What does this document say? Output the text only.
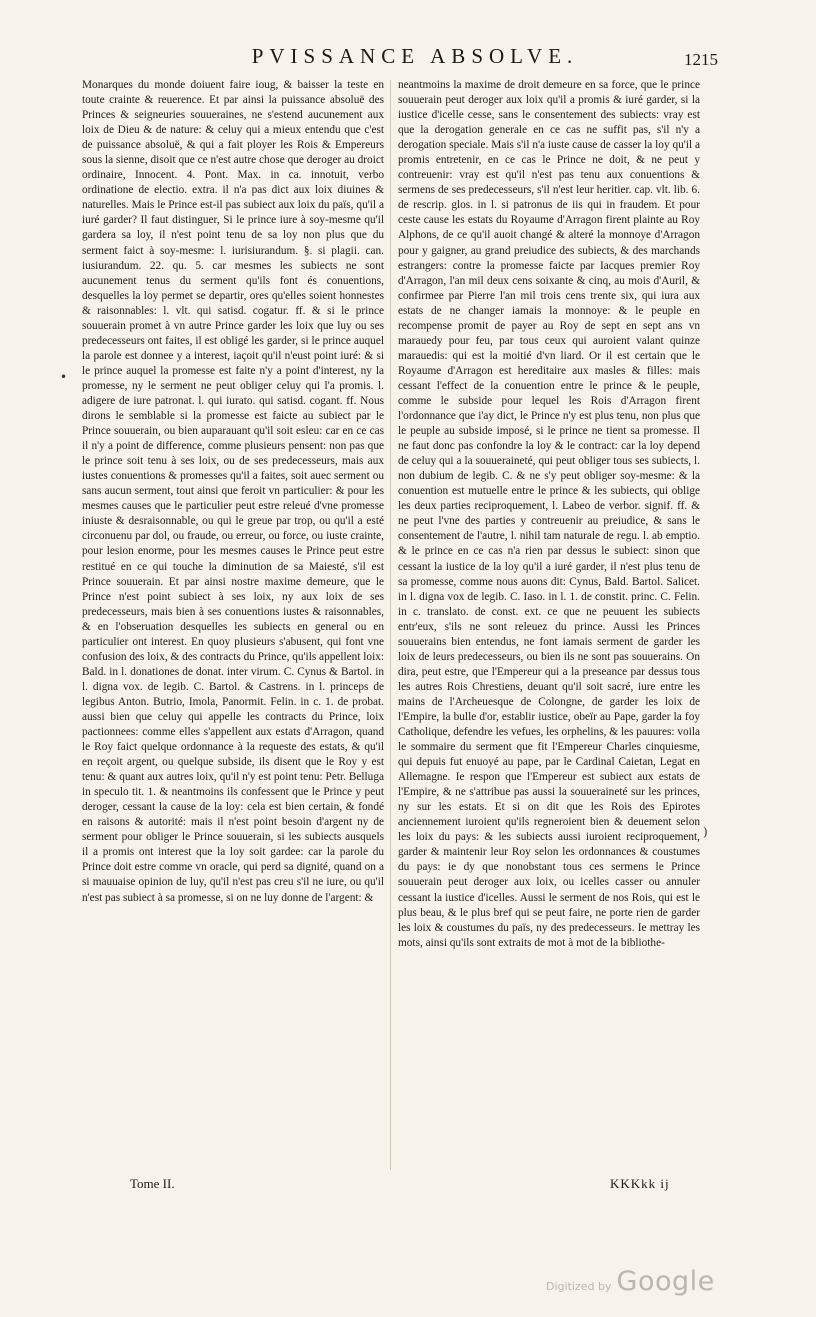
PVISSANCE ABSOLVE.	1215

Monarques du monde doiuent faire ioug, & baisser la teste en toute crainte & reuerence. Et par ainsi la puissance absoluë des Princes & seigneuries souueraines, ne s'estend aucunement aux loix de Dieu & de nature: & celuy qui a mieux entendu que c'est de puissance absoluë, & qui a fait ployer les Rois & Empereurs sous la sienne, disoit que ce n'est autre chose que deroger au droict ordinaire, Innocent. 4. Pont. Max. in ca. innotuit, verbo ordinatione de electio. extra. il n'a pas dict aux loix diuines & naturelles. Mais le Prince est-il pas subiect aux loix du païs, qu'il a iuré garder? Il faut distinguer, Si le prince iure à soy-mesme qu'il gardera sa loy, il n'est point tenu de sa loy non plus que du serment faict à soy-mesme: l. iurisiurandum. §. si plagii. can. iusiurandum. 22. qu. 5. car mesmes les subiects ne sont aucunement tenus du serment qu'ils font és conuentions, desquelles la loy permet se departir, ores qu'elles soient honnestes & raisonnables: l. vlt. qui satisd. cogatur. ff. & si le prince souuerain promet à vn autre Prince garder les loix que luy ou ses predecesseurs ont faites, il est obligé les garder, si le prince auquel la parole est donnee y a interest, iaçoit qu'il n'eust point iuré: & si le prince auquel la promesse est faite n'y a point d'interest, ny la promesse, ny le serment ne peut obliger celuy qui l'a promis. l. adigere de iure patronat. l. qui iurato. qui satisd. cogant. ff. Nous dirons le semblable si la promesse est faicte au subiect par le Prince souuerain, ou bien auparauant qu'il soit esleu: car en ce cas il n'y a point de difference, comme plusieurs pensent: non pas que le prince soit tenu à ses loix, ou de ses predecesseurs, mais aux iustes conuentions & promesses qu'il a faites, soit auec serment ou sans aucun serment, tout ainsi que feroit vn particulier: & pour les mesmes causes que le particulier peut estre releué d'vne promesse iniuste & desraisonnable, ou qui le greue par trop, ou qu'il a esté circonuenu par dol, ou fraude, ou erreur, ou force, ou iuste crainte, pour lesion enorme, pour les mesmes causes le Prince peut estre restitué en ce qui touche la diminution de sa Maiesté, s'il est Prince souuerain. Et par ainsi nostre maxime demeure, que le Prince n'est point subiect à ses loix, ny aux loix de ses predecesseurs, mais bien à ses conuentions iustes & raisonnables, & en l'obseruation desquelles les subiects en general ou en particulier ont interest. En quoy plusieurs s'abusent, qui font vne confusion des loix, & des contracts du Prince, qu'ils appellent loix: Bald. in l. donationes de donat. inter virum. C. Cynus & Bartol. in l. digna vox. de legib. C. Bartol. & Castrens. in l. princeps de legibus Anton. Butrio, Imola, Panormit. Felin. in c. 1. de probat. aussi bien que celuy qui appelle les contracts du Prince, loix pactionnees: comme elles s'appellent aux estats d'Arragon, quand le Roy faict quelque ordonnance à la requeste des estats, & qu'il en reçoit argent, ou quelque subside, ils disent que le Roy y est tenu: & quant aux autres loix, qu'il n'y est point tenu: Petr. Belluga in speculo tit. 1. & neantmoins ils confessent que le Prince y peut deroger, cessant la cause de la loy: cela est bien certain, & fondé en raisons & autorité: mais il n'est point besoin d'argent ny de serment pour obliger le Prince souuerain, si les subiects ausquels il a promis ont interest que la loy soit gardee: car la parole du Prince doit estre comme vn oracle, qui perd sa dignité, quand on a si mauuaise opinion de luy, qu'il n'est pas creu s'il ne iure, ou qu'il n'est pas subiect à sa promesse, si on ne luy donne de l'argent: &

neantmoins la maxime de droit demeure en sa force, que le prince souuerain peut deroger aux loix qu'il a promis & iuré garder, si la iustice d'icelle cesse, sans le consentement des subiects: vray est que la derogation generale en ce cas ne suffit pas, s'il n'y a derogation speciale. Mais s'il n'a iuste cause de casser la loy qu'il a promis entretenir, en ce cas le Prince ne doit, & ne peut y contreuenir: vray est qu'il n'est pas tenu aux conuentions & sermens de ses predecesseurs, s'il n'est leur heritier. cap. vlt. lib. 6. de rescrip. glos. in l. si patronus de iis qui in fraudem. Et pour ceste cause les estats du Royaume d'Arragon firent plainte au Roy Alphons, de ce qu'il auoit changé & alteré la monnoye d'Arragon pour y gaigner, au grand preiudice des subiects, & des marchands estrangers: contre la promesse faicte par Iacques premier Roy d'Arragon, l'an mil deux cens soixante & cinq, au mois d'Auril, & confirmee par Pierre l'an mil trois cens trente six, qui iura aux estats de ne changer iamais la monnoye: & le peuple en recompense promit de payer au Roy de sept en sept ans vn marauedy pour feu, par tous ceux qui auroient valant quinze marauedis: qui est la moitié d'vn liard. Or il est certain que le Royaume d'Arragon est hereditaire aux masles & filles: mais cessant l'effect de la conuention entre le prince & le peuple, comme le subside pour lequel les Rois d'Arragon firent l'ordonnance que i'ay dict, le Prince n'y est plus tenu, non plus que le peuple au subside imposé, si le prince ne tient sa promesse. Il ne faut donc pas confondre la loy & le contract: car la loy depend de celuy qui a la souueraineté, qui peut obliger tous ses subiects, l. non dubium de legib. C. & ne s'y peut obliger soy-mesme: & la conuention est mutuelle entre le prince & les subiects, qui oblige les deux parties reciproquement, l. Labeo de verbor. signif. ff. & ne peut l'vne des parties y contreuenir au preiudice, & sans le consentement de l'autre, l. nihil tam naturale de regu. l. ab emptio. & le prince en ce cas n'a rien par dessus le subiect: sinon que cessant la iustice de la loy qu'il a iuré garder, il n'est plus tenu de sa promesse, comme nous auons dit: Cynus, Bald. Bartol. Salicet. in l. digna vox de legib. C. Iaso. in l. 1. de constit. princ. C. Felin. in c. translato. de const. ext. ce que ne peuuent les subiects entr'eux, s'ils ne sont releuez du prince. Aussi les Princes souuerains bien entendus, ne font iamais serment de garder les loix de leurs predecesseurs, ou bien ils ne sont pas souuerains. On dira, peut estre, que l'Empereur qui a la preseance par dessus tous les autres Rois Chrestiens, deuant qu'il soit sacré, iure entre les mains de l'Archeuesque de Colongne, de garder les loix de l'Empire, la bulle d'or, establir iustice, obeïr au Pape, garder la foy Catholique, defendre les vefues, les orphelins, & les pauures: voila le sommaire du serment que fit l'Empereur Charles cinquiesme, qui depuis fut enuoyé au pape, par le Cardinal Caietan, Legat en Allemagne. Ie respon que l'Empereur est subiect aux estats de l'Empire, & ne s'attribue pas aussi la souueraineté sur les princes, ny sur les estats. Et si on dit que les Rois des Epirotes anciennement iuroient qu'ils regneroient bien & deuement selon les loix du pays: & les subiects aussi iuroient reciproquement, garder & maintenir leur Roy selon les ordonnances & coustumes du pays: ie dy que nonobstant tous ces sermens le Prince souuerain peut deroger aux loix, ou icelles casser ou annuler cessant la iustice d'icelles. Aussi le serment de nos Rois, qui est le plus beau, & le plus bref qui se peut faire, ne porte rien de garder les loix & coustumes du païs, ny des predecesseurs. Ie mettray les mots, ainsi qu'ils sont extraits de mot à mot de la bibliothe-

•
)
Tome II.	KKKkk ij
Digitized by Google
